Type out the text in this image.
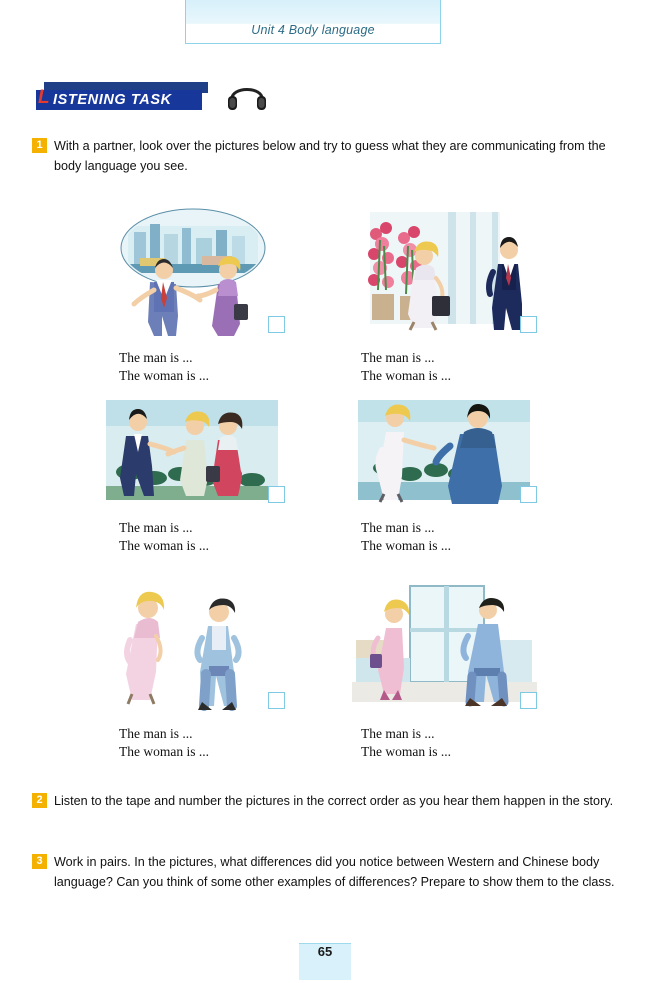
Unit 4 Body language
L ISTENING TASK
1 With a partner, look over the pictures below and try to guess what they are communicating from the body language you see.
The man is ...
The woman is ...
The man is ...
The woman is ...
The man is ...
The woman is ...
The man is ...
The woman is ...
The man is ...
The woman is ...
The man is ...
The woman is ...
2 Listen to the tape and number the pictures in the correct order as you hear them happen in the story.
3 Work in pairs. In the pictures, what differences did you notice between Western and Chinese body language? Can you think of some other examples of differences? Prepare to show them to the class.
65
